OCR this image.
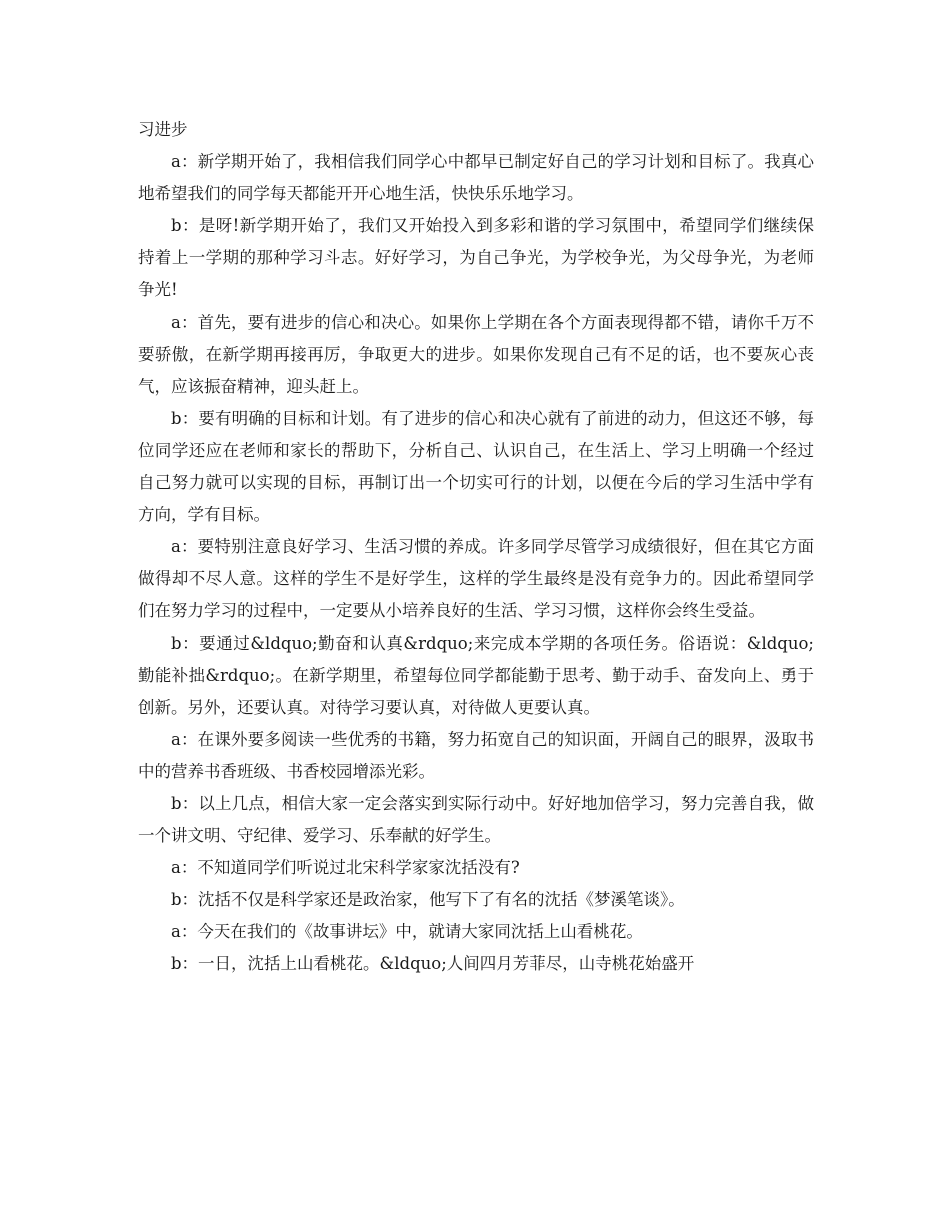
习进步

a：新学期开始了，我相信我们同学心中都早已制定好自己的学习计划和目标了。我真心地希望我们的同学每天都能开开心地生活，快快乐乐地学习。

b：是呀!新学期开始了，我们又开始投入到多彩和谐的学习氛围中，希望同学们继续保持着上一学期的那种学习斗志。好好学习，为自己争光，为学校争光，为父母争光，为老师争光!

a：首先，要有进步的信心和决心。如果你上学期在各个方面表现得都不错，请你千万不要骄傲，在新学期再接再厉，争取更大的进步。如果你发现自己有不足的话，也不要灰心丧气，应该振奋精神，迎头赶上。

b：要有明确的目标和计划。有了进步的信心和决心就有了前进的动力，但这还不够，每位同学还应在老师和家长的帮助下，分析自己、认识自己，在生活上、学习上明确一个经过自己努力就可以实现的目标，再制订出一个切实可行的计划，以便在今后的学习生活中学有方向，学有目标。

a：要特别注意良好学习、生活习惯的养成。许多同学尽管学习成绩很好，但在其它方面做得却不尽人意。这样的学生不是好学生，这样的学生最终是没有竞争力的。因此希望同学们在努力学习的过程中，一定要从小培养良好的生活、学习习惯，这样你会终生受益。

b：要通过&ldquo;勤奋和认真&rdquo;来完成本学期的各项任务。俗语说：&ldquo;勤能补拙&rdquo;。在新学期里，希望每位同学都能勤于思考、勤于动手、奋发向上、勇于创新。另外，还要认真。对待学习要认真，对待做人更要认真。

a：在课外要多阅读一些优秀的书籍，努力拓宽自己的知识面，开阔自己的眼界，汲取书中的营养书香班级、书香校园增添光彩。

b：以上几点，相信大家一定会落实到实际行动中。好好地加倍学习，努力完善自我，做一个讲文明、守纪律、爱学习、乐奉献的好学生。

a：不知道同学们听说过北宋科学家家沈括没有?

b：沈括不仅是科学家还是政治家，他写下了有名的沈括《梦溪笔谈》。

a：今天在我们的《故事讲坛》中，就请大家同沈括上山看桃花。

b：一日，沈括上山看桃花。&ldquo;人间四月芳菲尽，山寺桃花始盛开
